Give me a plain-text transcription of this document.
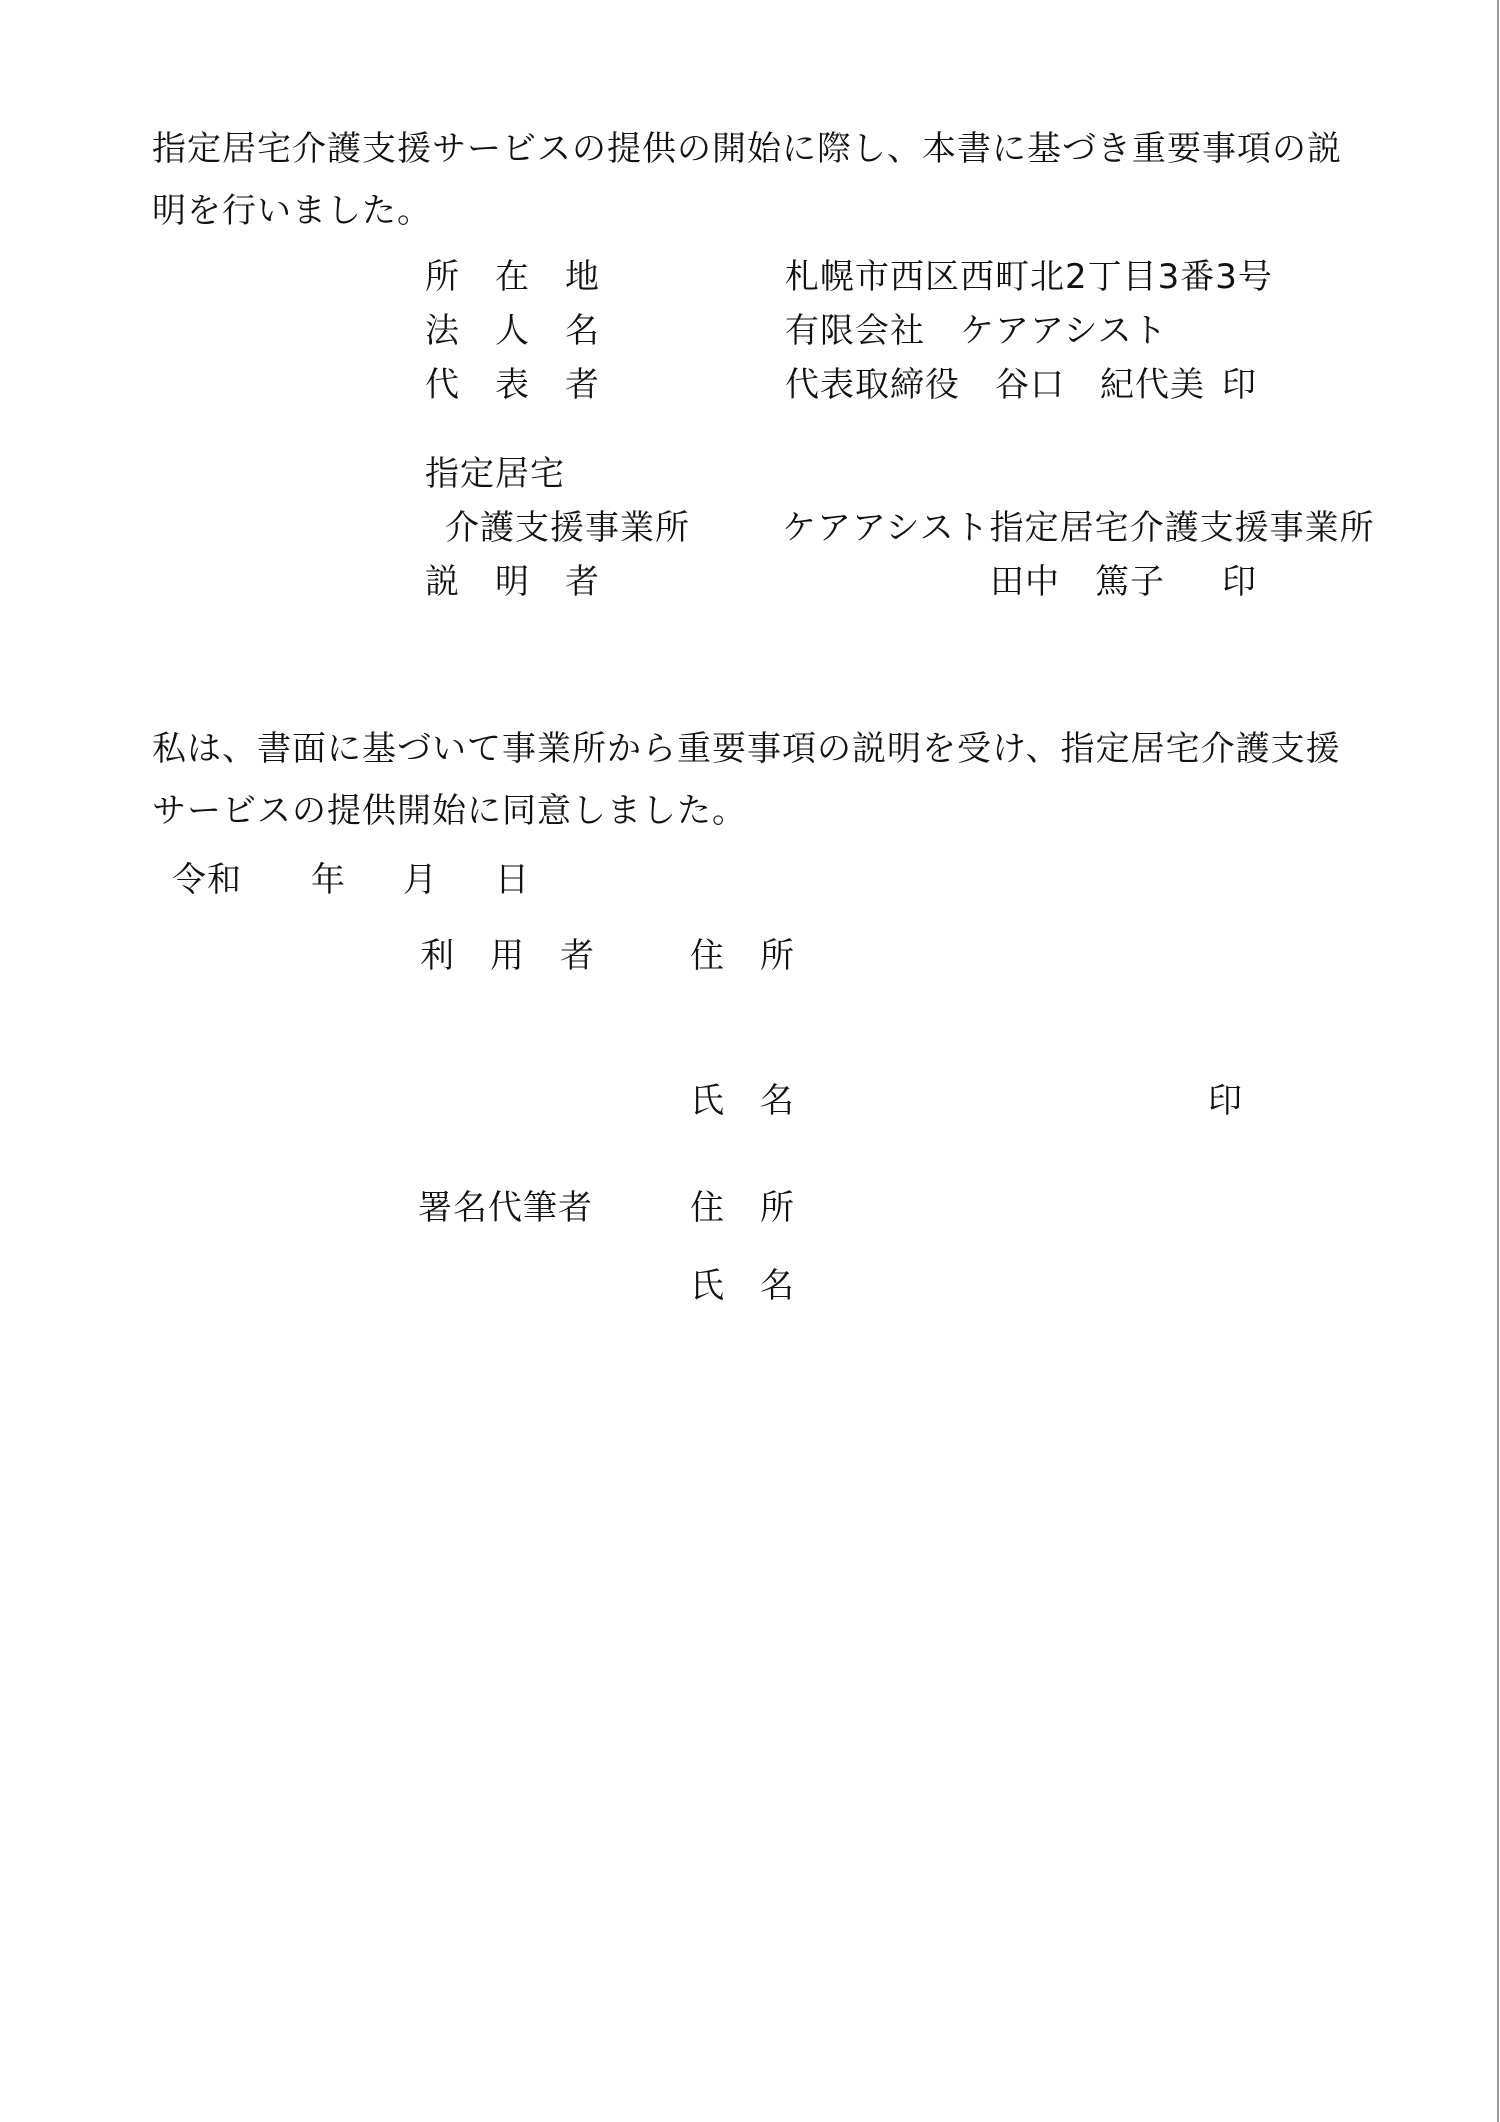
指定居宅介護支援サービスの提供の開始に際し、本書に基づき重要事項の説明を行いました。
所　在　地	札幌市西区西町北2丁目3番3号
法　人　名	有限会社　ケアアシスト
代　表　者	代表取締役　谷口　紀代美 印
指定居宅
介護支援事業所	ケアアシスト指定居宅介護支援事業所
説　明　者	田中　篤子 印
私は、書面に基づいて事業所から重要事項の説明を受け、指定居宅介護支援サービスの提供開始に同意しました。
令和 年 月 日
利　用　者	住　所
氏　名	印
署名代筆者	住　所
氏　名
